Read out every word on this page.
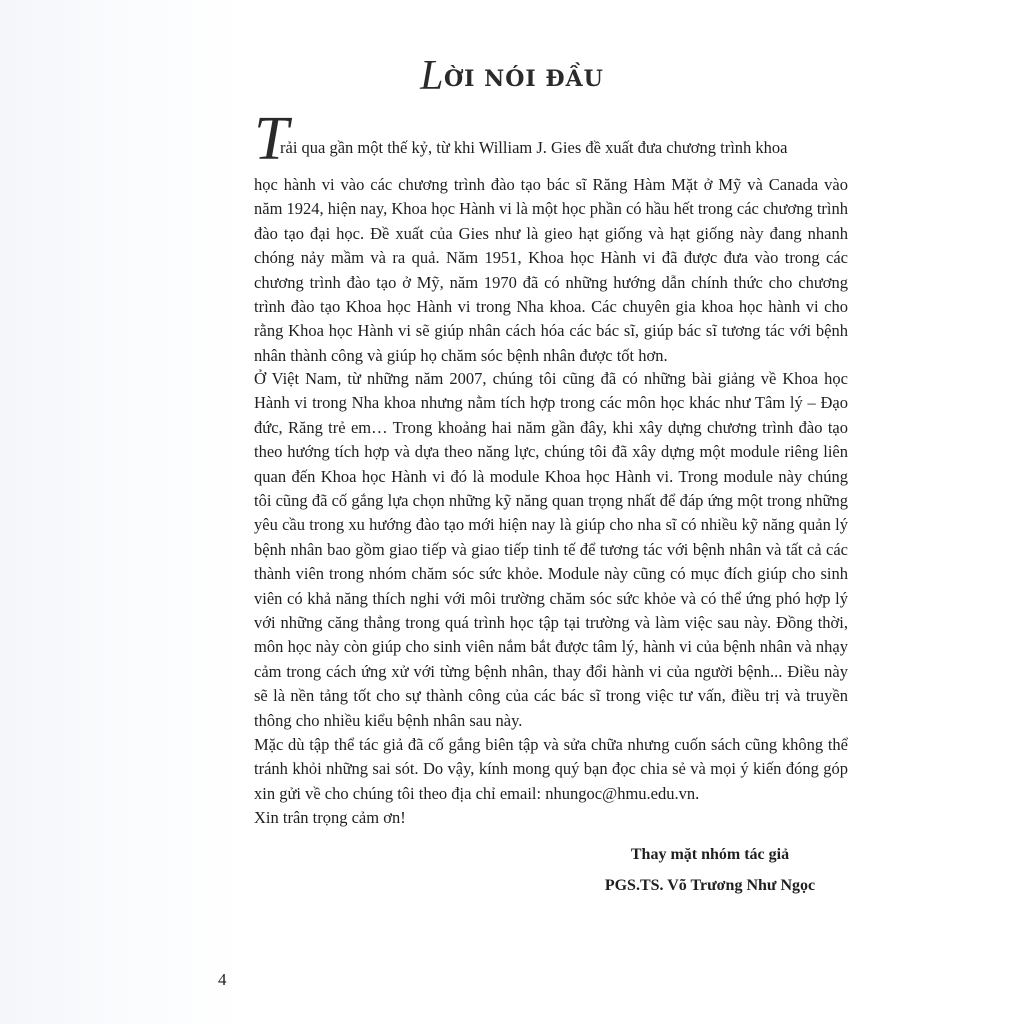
LỜI NÓI ĐẦU
T
rải qua gần một thế kỷ, từ khi William J. Gies đề xuất đưa chương trình khoa

học hành vi vào các chương trình đào tạo bác sĩ Răng Hàm Mặt ở Mỹ và Canada vào năm 1924, hiện nay, Khoa học Hành vi là một học phần có hầu hết trong các chương trình đào tạo đại học. Đề xuất của Gies như là gieo hạt giống và hạt giống này đang nhanh chóng nảy mầm và ra quả. Năm 1951, Khoa học Hành vi đã được đưa vào trong các chương trình đào tạo ở Mỹ, năm 1970 đã có những hướng dẫn chính thức cho chương trình đào tạo Khoa học Hành vi trong Nha khoa. Các chuyên gia khoa học hành vi cho rằng Khoa học Hành vi sẽ giúp nhân cách hóa các bác sĩ, giúp bác sĩ tương tác với bệnh nhân thành công và giúp họ chăm sóc bệnh nhân được tốt hơn.

Ở Việt Nam, từ những năm 2007, chúng tôi cũng đã có những bài giảng về Khoa học Hành vi trong Nha khoa nhưng nằm tích hợp trong các môn học khác như Tâm lý – Đạo đức, Răng trẻ em… Trong khoảng hai năm gần đây, khi xây dựng chương trình đào tạo theo hướng tích hợp và dựa theo năng lực, chúng tôi đã xây dựng một module riêng liên quan đến Khoa học Hành vi đó là module Khoa học Hành vi. Trong module này chúng tôi cũng đã cố gắng lựa chọn những kỹ năng quan trọng nhất để đáp ứng một trong những yêu cầu trong xu hướng đào tạo mới hiện nay là giúp cho nha sĩ có nhiều kỹ năng quản lý bệnh nhân bao gồm giao tiếp và giao tiếp tinh tế để tương tác với bệnh nhân và tất cả các thành viên trong nhóm chăm sóc sức khỏe. Module này cũng có mục đích giúp cho sinh viên có khả năng thích nghi với môi trường chăm sóc sức khỏe và có thể ứng phó hợp lý với những căng thẳng trong quá trình học tập tại trường và làm việc sau này. Đồng thời, môn học này còn giúp cho sinh viên nắm bắt được tâm lý, hành vi của bệnh nhân và nhạy cảm trong cách ứng xử với từng bệnh nhân, thay đổi hành vi của người bệnh... Điều này sẽ là nền tảng tốt cho sự thành công của các bác sĩ trong việc tư vấn, điều trị và truyền thông cho nhiều kiểu bệnh nhân sau này.

Mặc dù tập thể tác giả đã cố gắng biên tập và sửa chữa nhưng cuốn sách cũng không thể tránh khỏi những sai sót. Do vậy, kính mong quý bạn đọc chia sẻ và mọi ý kiến đóng góp xin gửi về cho chúng tôi theo địa chỉ email: nhungoc@hmu.edu.vn.

Xin trân trọng cảm ơn!

Thay mặt nhóm tác giả
PGS.TS. Võ Trương Như Ngọc
4
